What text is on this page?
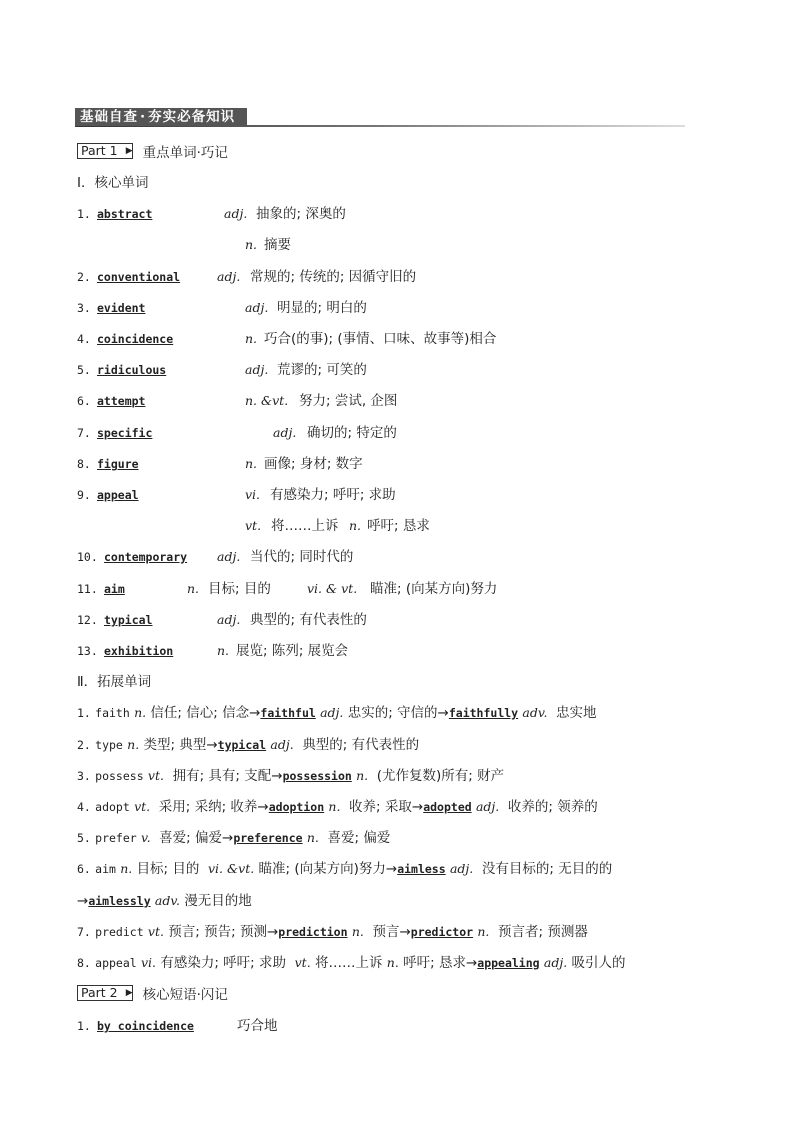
基础自查 · 夯实必备知识
Part 1 ▶ 重点单词·巧记
Ⅰ．核心单词
1. abstract	adj. 抽象的; 深奥的
n. 摘要
2. conventional	adj. 常规的; 传统的; 因循守旧的
3. evident	adj. 明显的; 明白的
4. coincidence	n. 巧合(的事); (事情、口味、故事等)相合
5. ridiculous	adj. 荒谬的; 可笑的
6. attempt	n. &vt. 努力; 尝试, 企图
7. specific	adj. 确切的; 特定的
8. figure	n. 画像; 身材; 数字
9. appeal	vi. 有感染力; 呼吁; 求助
vt. 将……上诉 n. 呼吁; 恳求
10. contemporary adj. 当代的; 同时代的
11. aim	n. 目标; 目的	vi. & vt. 瞄准; (向某方向)努力
12. typical	adj. 典型的; 有代表性的
13. exhibition	n. 展览; 陈列; 展览会
Ⅱ．拓展单词
1. faith n. 信任; 信心; 信念→faithful adj. 忠实的; 守信的→faithfully adv. 忠实地
2. type n. 类型; 典型→typical adj. 典型的; 有代表性的
3. possess vt. 拥有; 具有; 支配→possession n. (尤作复数)所有; 财产
4. adopt vt. 采用; 采纳; 收养→adoption n. 收养; 采取→adopted adj. 收养的; 领养的
5. prefer v. 喜爱; 偏爱→preference n. 喜爱; 偏爱
6. aim n. 目标; 目的 vi. &vt. 瞄准; (向某方向)努力→aimless adj. 没有目标的; 无目的的
→aimlessly adv. 漫无目的地
7. predict vt. 预言; 预告; 预测→prediction n. 预言→predictor n. 预言者; 预测器
8. appeal vi. 有感染力; 呼吁; 求助 vt. 将……上诉 n. 呼吁; 恳求→appealing adj. 吸引人的
Part 2 ▶ 核心短语·闪记
1. by coincidence	巧合地
